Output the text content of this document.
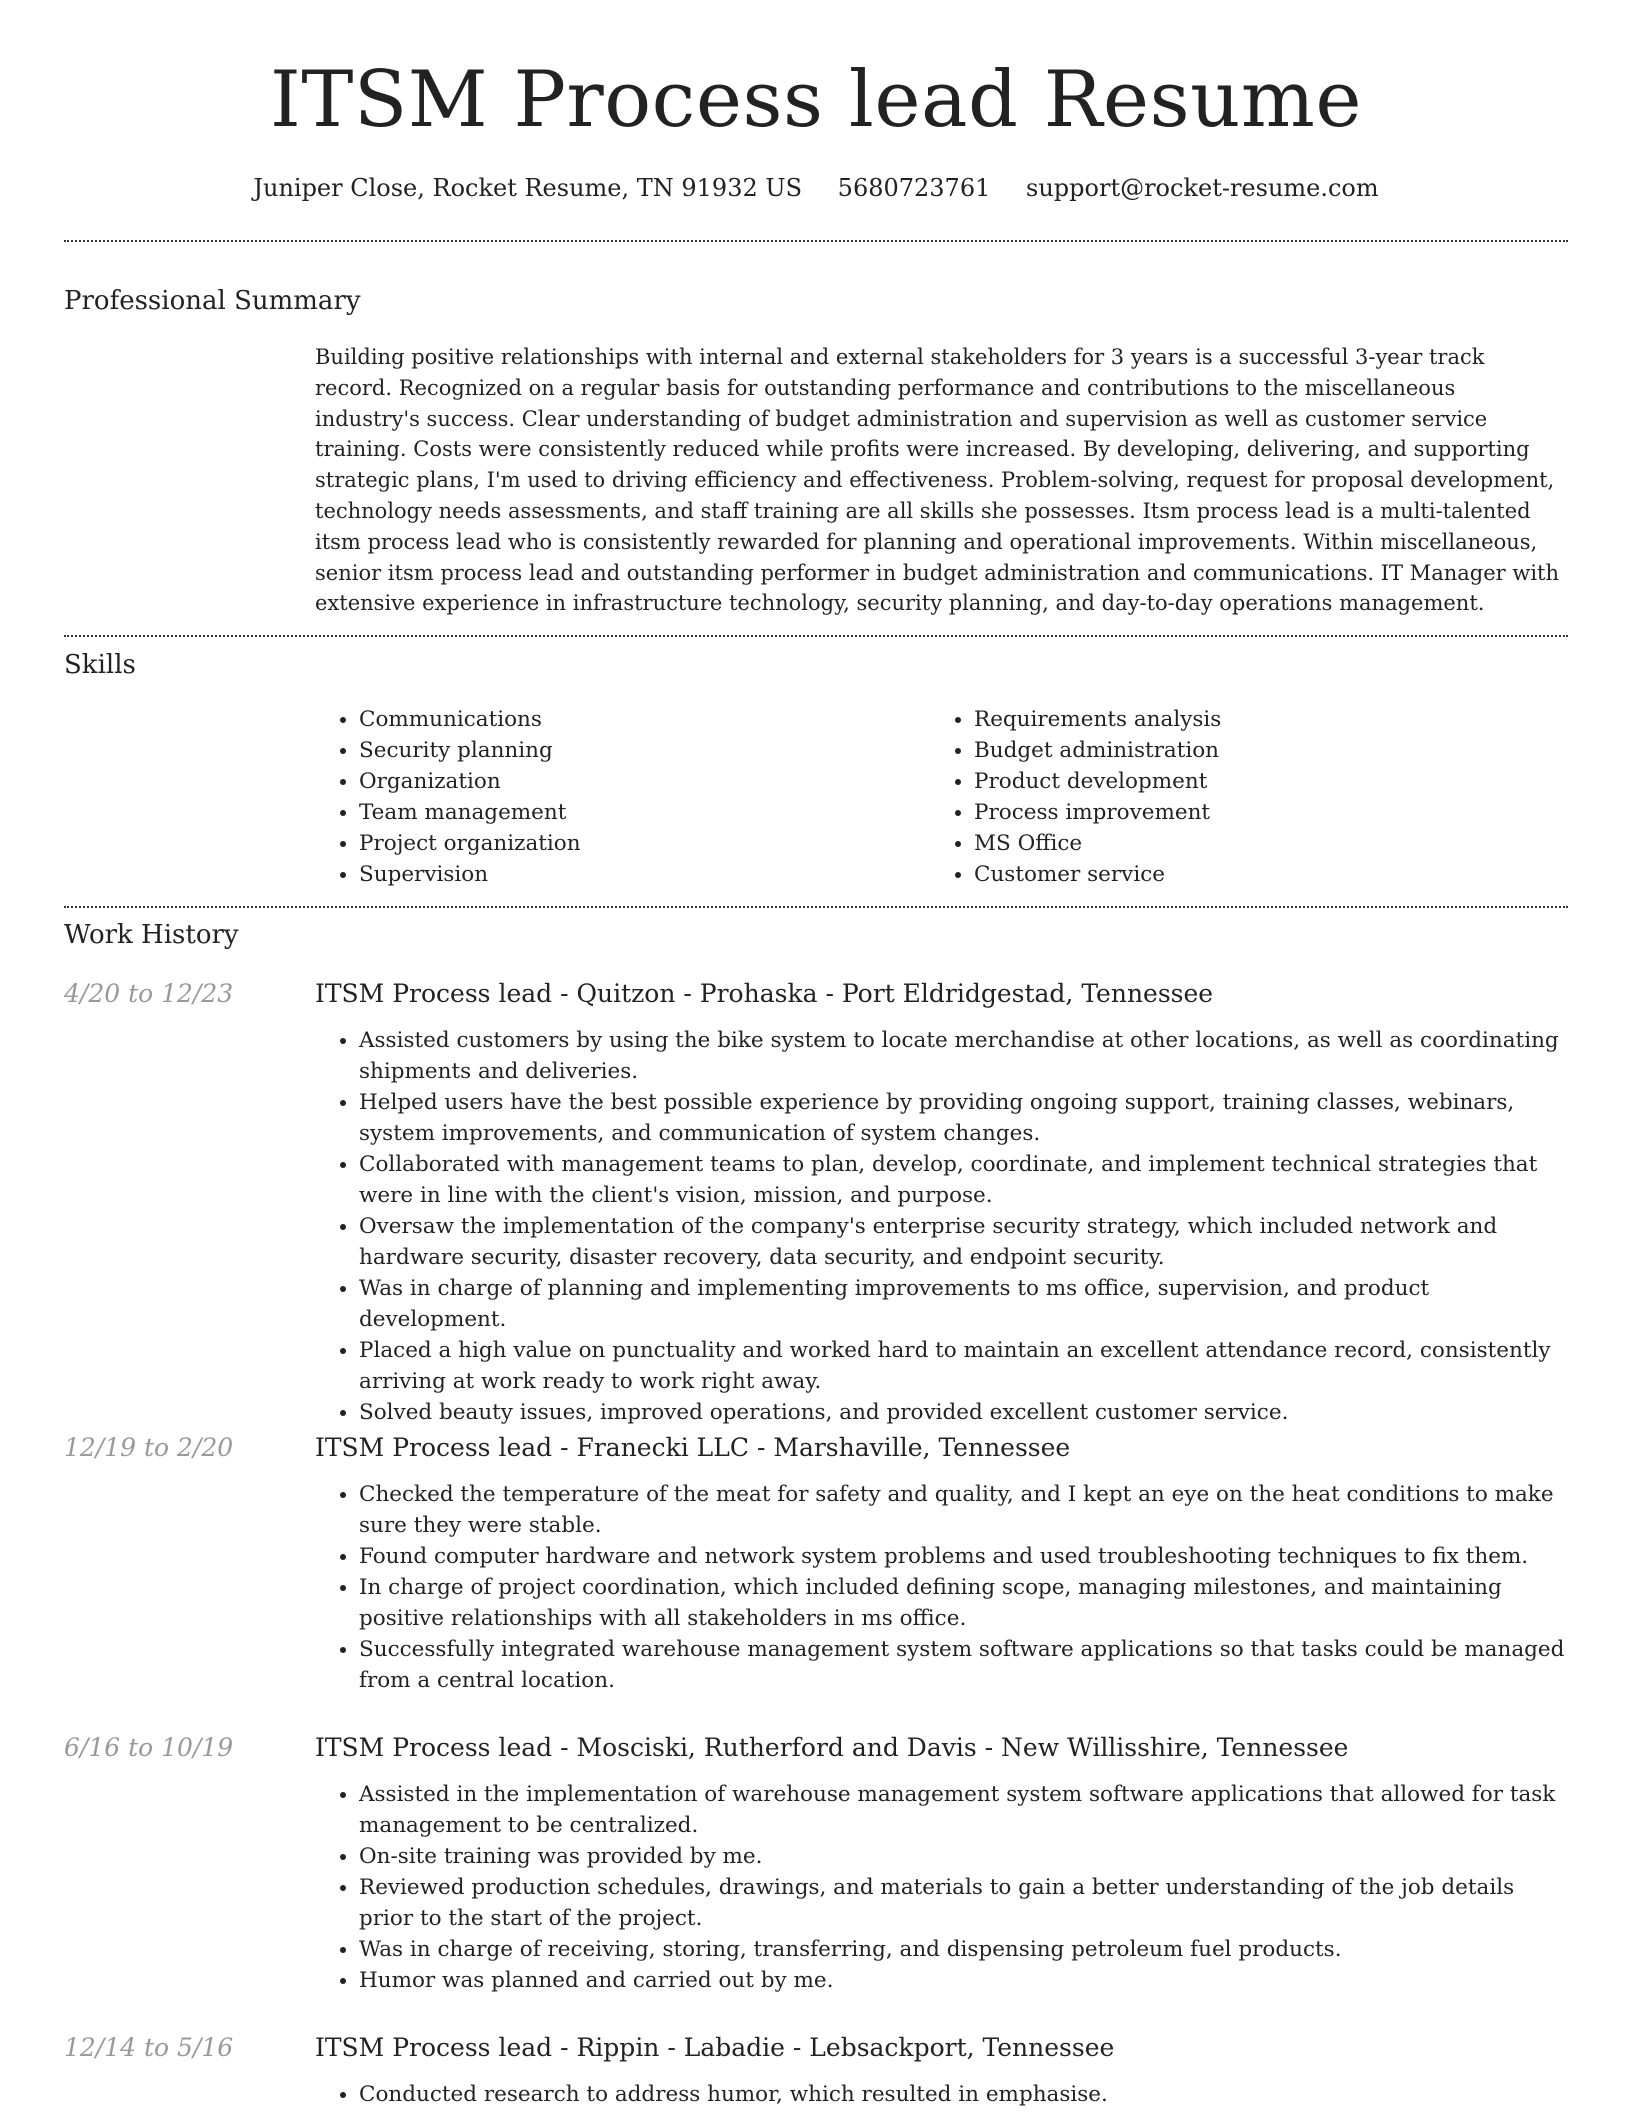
ITSM Process lead Resume
Juniper Close, Rocket Resume, TN 91932 US 5680723761 support@rocket-resume.com
Professional Summary
Building positive relationships with internal and external stakeholders for 3 years is a successful 3-year track record. Recognized on a regular basis for outstanding performance and contributions to the miscellaneous industry's success. Clear understanding of budget administration and supervision as well as customer service training. Costs were consistently reduced while profits were increased. By developing, delivering, and supporting strategic plans, I'm used to driving efficiency and effectiveness. Problem-solving, request for proposal development, technology needs assessments, and staff training are all skills she possesses. Itsm process lead is a multi-talented itsm process lead who is consistently rewarded for planning and operational improvements. Within miscellaneous, senior itsm process lead and outstanding performer in budget administration and communications. IT Manager with extensive experience in infrastructure technology, security planning, and day-to-day operations management.
Skills
• Communications
• Security planning
• Organization
• Team management
• Project organization
• Supervision
• Requirements analysis
• Budget administration
• Product development
• Process improvement
• MS Office
• Customer service
Work History
4/20 to 12/23	ITSM Process lead - Quitzon - Prohaska - Port Eldridgestad, Tennessee
• Assisted customers by using the bike system to locate merchandise at other locations, as well as coordinating shipments and deliveries.
• Helped users have the best possible experience by providing ongoing support, training classes, webinars, system improvements, and communication of system changes.
• Collaborated with management teams to plan, develop, coordinate, and implement technical strategies that were in line with the client's vision, mission, and purpose.
• Oversaw the implementation of the company's enterprise security strategy, which included network and hardware security, disaster recovery, data security, and endpoint security.
• Was in charge of planning and implementing improvements to ms office, supervision, and product development.
• Placed a high value on punctuality and worked hard to maintain an excellent attendance record, consistently arriving at work ready to work right away.
• Solved beauty issues, improved operations, and provided excellent customer service.
12/19 to 2/20	ITSM Process lead - Franecki LLC - Marshaville, Tennessee
• Checked the temperature of the meat for safety and quality, and I kept an eye on the heat conditions to make sure they were stable.
• Found computer hardware and network system problems and used troubleshooting techniques to fix them.
• In charge of project coordination, which included defining scope, managing milestones, and maintaining positive relationships with all stakeholders in ms office.
• Successfully integrated warehouse management system software applications so that tasks could be managed from a central location.
6/16 to 10/19	ITSM Process lead - Mosciski, Rutherford and Davis - New Willisshire, Tennessee
• Assisted in the implementation of warehouse management system software applications that allowed for task management to be centralized.
• On-site training was provided by me.
• Reviewed production schedules, drawings, and materials to gain a better understanding of the job details prior to the start of the project.
• Was in charge of receiving, storing, transferring, and dispensing petroleum fuel products.
• Humor was planned and carried out by me.
12/14 to 5/16	ITSM Process lead - Rippin - Labadie - Lebsackport, Tennessee
• Conducted research to address humor, which resulted in emphasise.
